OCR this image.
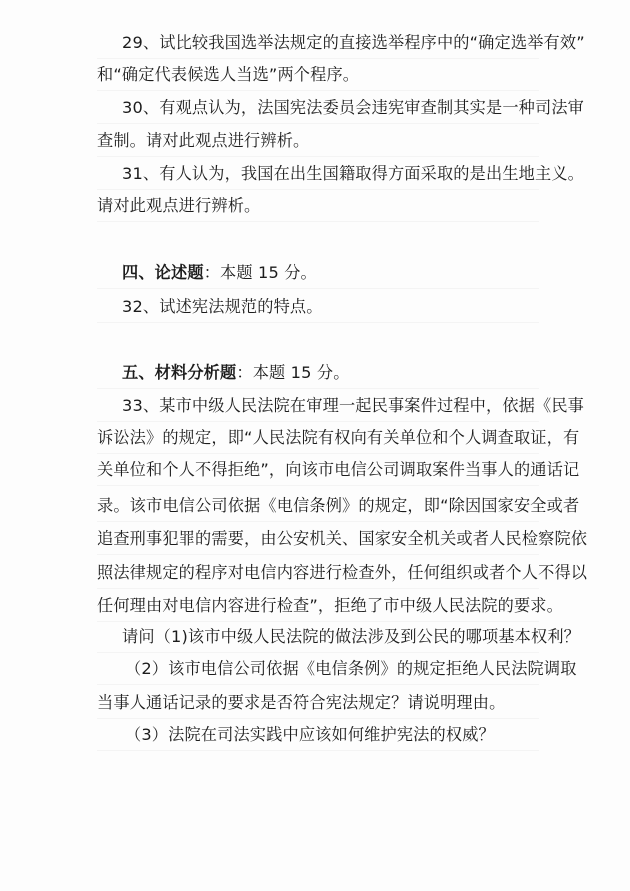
29、试比较我国选举法规定的直接选举程序中的“确定选举有效”
和“确定代表候选人当选”两个程序。
30、有观点认为，法国宪法委员会违宪审查制其实是一种司法审
查制。请对此观点进行辨析。
31、有人认为，我国在出生国籍取得方面采取的是出生地主义。
请对此观点进行辨析。
四、论述题：本题 15 分。
32、试述宪法规范的特点。
五、材料分析题：本题 15 分。
33、某市中级人民法院在审理一起民事案件过程中，依据《民事
诉讼法》的规定，即“人民法院有权向有关单位和个人调查取证，有
关单位和个人不得拒绝”，向该市电信公司调取案件当事人的通话记
录。该市电信公司依据《电信条例》的规定，即“除因国家安全或者
追查刑事犯罪的需要，由公安机关、国家安全机关或者人民检察院依
照法律规定的程序对电信内容进行检查外，任何组织或者个人不得以
任何理由对电信内容进行检查”，拒绝了市中级人民法院的要求。
请问（1)该市中级人民法院的做法涉及到公民的哪项基本权利？
（2）该市电信公司依据《电信条例》的规定拒绝人民法院调取
当事人通话记录的要求是否符合宪法规定？请说明理由。
（3）法院在司法实践中应该如何维护宪法的权威？
